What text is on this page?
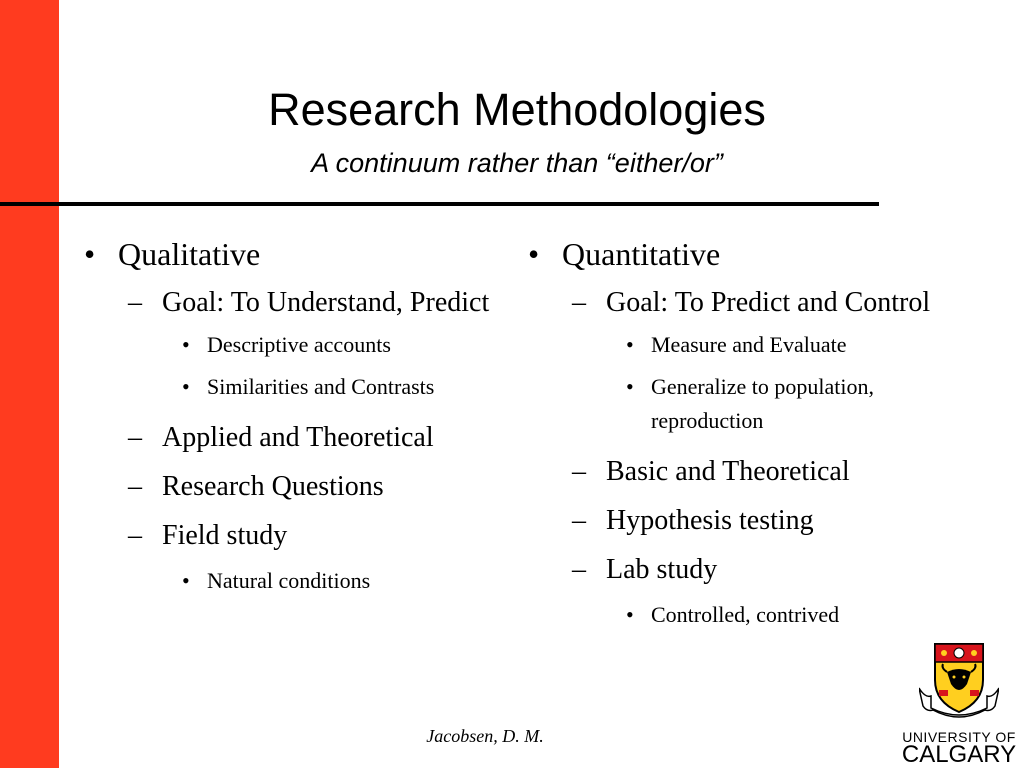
Research Methodologies
A continuum rather than “either/or”
• Qualitative
– Goal: To Understand, Predict
• Descriptive accounts
• Similarities and Contrasts
– Applied and Theoretical
– Research Questions
– Field study
• Natural conditions
• Quantitative
– Goal: To Predict and Control
• Measure and Evaluate
• Generalize to population, reproduction
– Basic and Theoretical
– Hypothesis testing
– Lab study
• Controlled, contrived
Jacobsen, D. M.	UNIVERSITY OF
CALGARY
